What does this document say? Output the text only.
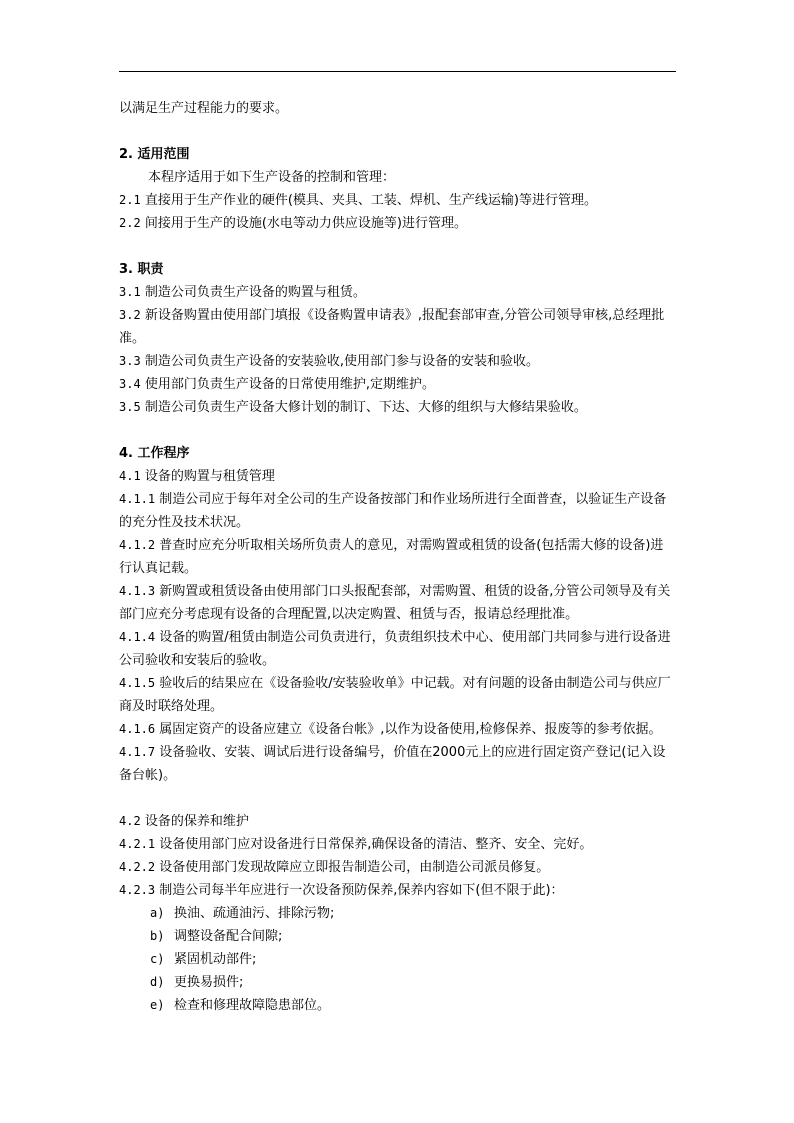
以满足生产过程能力的要求。

2. 适用范围

本程序适用于如下生产设备的控制和管理：

2.1 直接用于生产作业的硬件(模具、夹具、工装、焊机、生产线运输)等进行管理。

2.2 间接用于生产的设施(水电等动力供应设施等)进行管理。

3. 职责

3.1 制造公司负责生产设备的购置与租赁。

3.2 新设备购置由使用部门填报《设备购置申请表》,报配套部审查,分管公司领导审核,总经理批准。

3.3 制造公司负责生产设备的安装验收,使用部门参与设备的安装和验收。

3.4 使用部门负责生产设备的日常使用维护,定期维护。

3.5 制造公司负责生产设备大修计划的制订、下达、大修的组织与大修结果验收。

4. 工作程序

4.1 设备的购置与租赁管理

4.1.1 制造公司应于每年对全公司的生产设备按部门和作业场所进行全面普查，以验证生产设备的充分性及技术状况。

4.1.2 普查时应充分听取相关场所负责人的意见，对需购置或租赁的设备(包括需大修的设备)进行认真记载。

4.1.3 新购置或租赁设备由使用部门口头报配套部，对需购置、租赁的设备,分管公司领导及有关部门应充分考虑现有设备的合理配置,以决定购置、租赁与否，报请总经理批准。

4.1.4 设备的购置/租赁由制造公司负责进行，负责组织技术中心、使用部门共同参与进行设备进公司验收和安装后的验收。

4.1.5 验收后的结果应在《设备验收/安装验收单》中记载。对有问题的设备由制造公司与供应厂商及时联络处理。

4.1.6 属固定资产的设备应建立《设备台帐》,以作为设备使用,检修保养、报废等的参考依据。

4.1.7 设备验收、安装、调试后进行设备编号，价值在2000元上的应进行固定资产登记(记入设备台帐)。

4.2 设备的保养和维护

4.2.1 设备使用部门应对设备进行日常保养,确保设备的清洁、整齐、安全、完好。

4.2.2 设备使用部门发现故障应立即报告制造公司，由制造公司派员修复。

4.2.3 制造公司每半年应进行一次设备预防保养,保养内容如下(但不限于此)：

a) 换油、疏通油污、排除污物;

b) 调整设备配合间隙;

c) 紧固机动部件;

d) 更换易损件;

e) 检查和修理故障隐患部位。
